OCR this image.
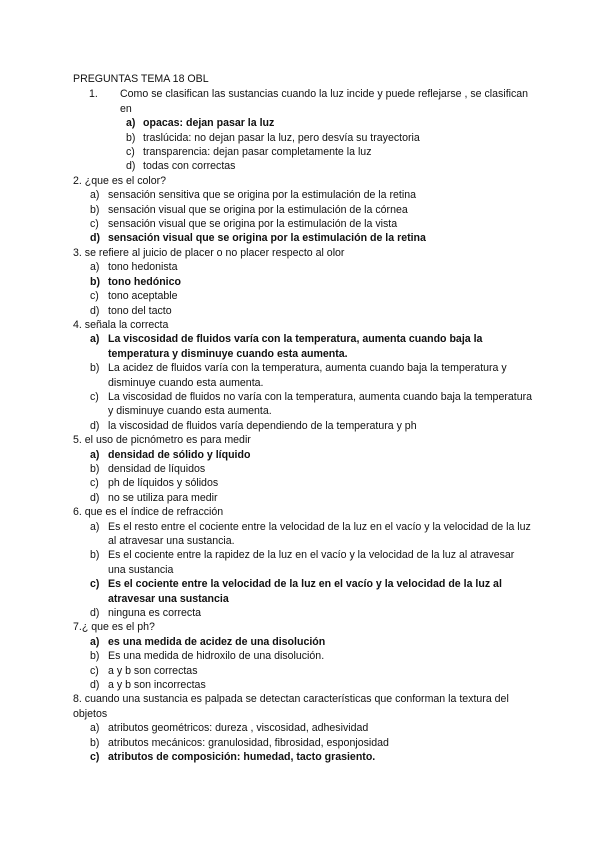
PREGUNTAS TEMA 18 OBL
1. Como se clasifican las sustancias cuando la luz incide y puede reflejarse , se clasifican en
a) opacas: dejan pasar la luz
b) traslúcida: no dejan pasar la luz, pero desvía su trayectoria
c) transparencia: dejan pasar completamente la luz
d) todas con correctas
2. ¿que es el color?
a) sensación sensitiva que se origina por la estimulación de la retina
b) sensación visual que se origina por la estimulación de la córnea
c) sensación visual que se origina por la estimulación de la vista
d) sensación visual que se origina por la estimulación de la retina
3. se refiere al juicio de placer o no placer respecto al olor
a) tono hedonista
b) tono hedónico
c) tono aceptable
d) tono del tacto
4. señala la correcta
a) La viscosidad de fluidos varía con la temperatura, aumenta cuando baja la temperatura y disminuye cuando esta aumenta.
b) La acidez de fluidos varía con la temperatura, aumenta cuando baja la temperatura y disminuye cuando esta aumenta.
c) La viscosidad de fluidos no varía con la temperatura, aumenta cuando baja la temperatura y disminuye cuando esta aumenta.
d) la viscosidad de fluidos varía dependiendo de la temperatura y ph
5. el uso de picnómetro es para medir
a) densidad de sólido y líquido
b) densidad de líquidos
c) ph de líquidos y sólidos
d) no se utiliza para medir
6. que es el índice de refracción
a) Es el resto entre el cociente entre la velocidad de la luz en el vacío y la velocidad de la luz al atravesar una sustancia.
b) Es el cociente entre la rapidez de la luz en el vacío y la velocidad de la luz al atravesar una sustancia
c) Es el cociente entre la velocidad de la luz en el vacío y la velocidad de la luz al atravesar una sustancia
d) ninguna es correcta
7.¿ que es el ph?
a) es una medida de acidez de una disolución
b) Es una medida de hidroxilo de una disolución.
c) a y b son correctas
d) a y b son incorrectas
8. cuando una sustancia es palpada se detectan características que conforman la textura del objetos
a) atributos geométricos: dureza , viscosidad, adhesividad
b) atributos mecánicos: granulosidad, fibrosidad, esponjosidad
c) atributos de composición: humedad, tacto grasiento.
